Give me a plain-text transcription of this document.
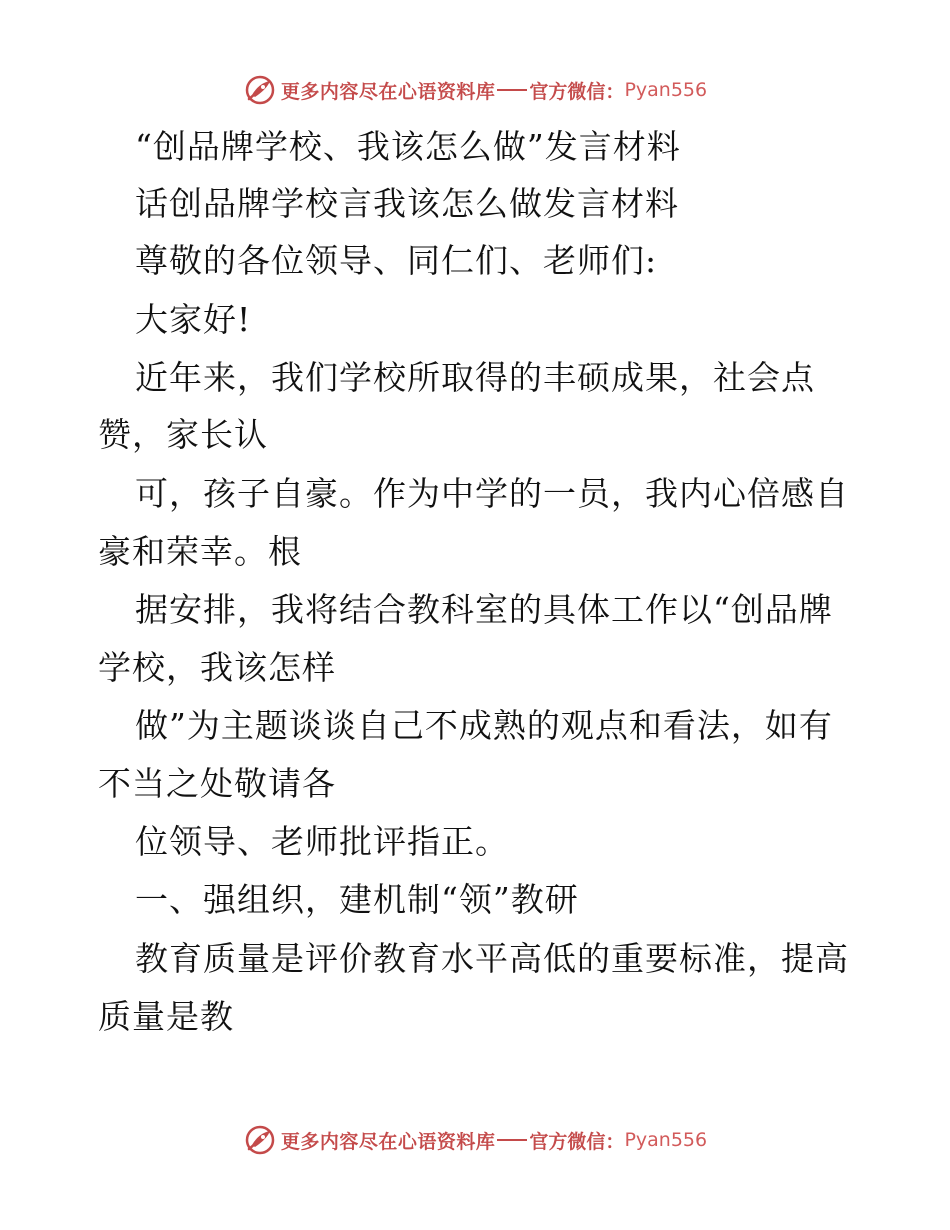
更多内容尽在心语资料库 官方微信： Pyan556
“创品牌学校、我该怎么做”发言材料
话创品牌学校言我该怎么做发言材料
尊敬的各位领导、同仁们、老师们:
大家好!
近年来，我们学校所取得的丰硕成果，社会点
赞，家长认
可，孩子自豪。作为中学的一员，我内心倍感自
豪和荣幸。根
据安排，我将结合教科室的具体工作以“创品牌
学校，我该怎样
做”为主题谈谈自己不成熟的观点和看法，如有
不当之处敬请各
位领导、老师批评指正。
一、强组织，建机制“领”教研
教育质量是评价教育水平高低的重要标准，提高
质量是教
更多内容尽在心语资料库 官方微信： Pyan556
